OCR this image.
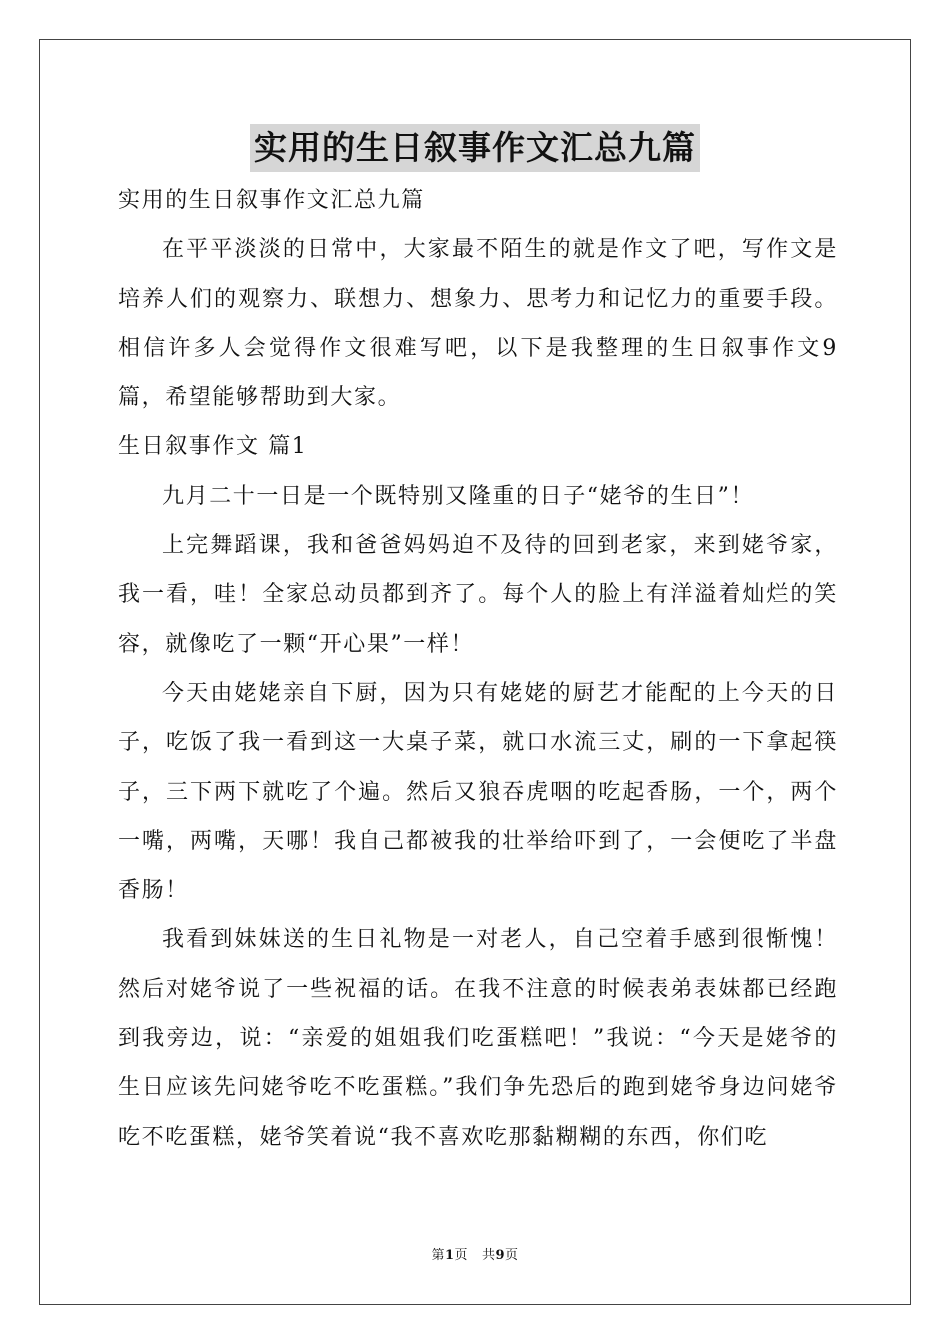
实用的生日叙事作文汇总九篇

实用的生日叙事作文汇总九篇

在平平淡淡的日常中，大家最不陌生的就是作文了吧，写作文是培养人们的观察力、联想力、想象力、思考力和记忆力的重要手段。相信许多人会觉得作文很难写吧，以下是我整理的生日叙事作文9篇，希望能够帮助到大家。

生日叙事作文 篇1

九月二十一日是一个既特别又隆重的日子“姥爷的生日”！

上完舞蹈课，我和爸爸妈妈迫不及待的回到老家，来到姥爷家，我一看，哇！全家总动员都到齐了。每个人的脸上有洋溢着灿烂的笑容，就像吃了一颗“开心果”一样！

今天由姥姥亲自下厨，因为只有姥姥的厨艺才能配的上今天的日子，吃饭了我一看到这一大桌子菜，就口水流三丈，刷的一下拿起筷子，三下两下就吃了个遍。然后又狼吞虎咽的吃起香肠，一个，两个一嘴，两嘴，天哪！我自己都被我的壮举给吓到了，一会便吃了半盘香肠！

我看到妹妹送的生日礼物是一对老人，自己空着手感到很惭愧！然后对姥爷说了一些祝福的话。在我不注意的时候表弟表妹都已经跑到我旁边，说：“亲爱的姐姐我们吃蛋糕吧！”我说：“今天是姥爷的生日应该先问姥爷吃不吃蛋糕。”我们争先恐后的跑到姥爷身边问姥爷吃不吃蛋糕，姥爷笑着说“我不喜欢吃那黏糊糊的东西，你们吃

第1页 共9页
